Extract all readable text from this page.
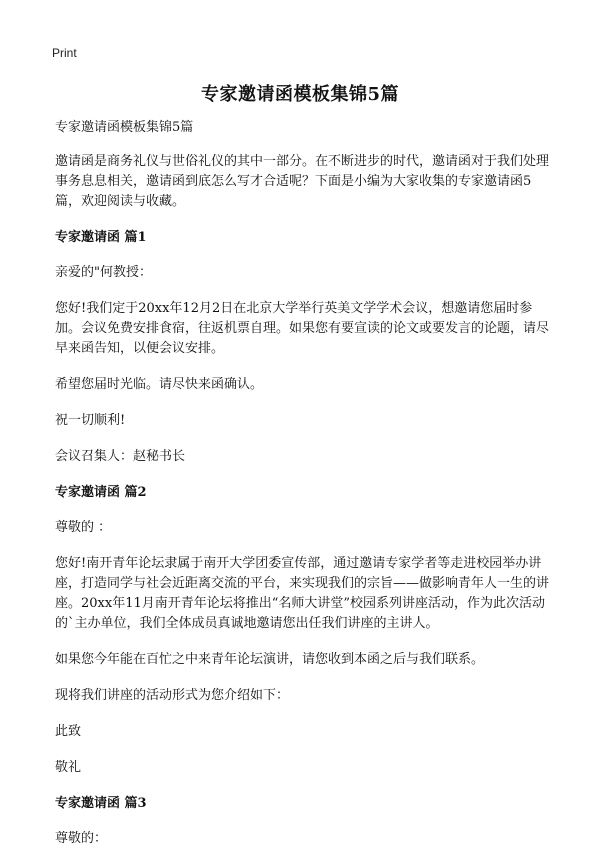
Print
专家邀请函模板集锦5篇

专家邀请函模板集锦5篇

邀请函是商务礼仪与世俗礼仪的其中一部分。在不断进步的时代，邀请函对于我们处理事务息息相关，邀请函到底怎么写才合适呢？下面是小编为大家收集的专家邀请函5篇，欢迎阅读与收藏。

专家邀请函 篇1

亲爱的"何教授：

您好!我们定于20xx年12月2日在北京大学举行英美文学学术会议，想邀请您届时参加。会议免费安排食宿，往返机票自理。如果您有要宣读的论文或要发言的论题，请尽早来函告知，以便会议安排。

希望您届时光临。请尽快来函确认。

祝一切顺利!

会议召集人：赵秘书长

专家邀请函 篇2

尊敬的 ：

您好!南开青年论坛隶属于南开大学团委宣传部，通过邀请专家学者等走进校园举办讲座，打造同学与社会近距离交流的平台，来实现我们的宗旨——做影响青年人一生的讲座。20xx年11月南开青年论坛将推出“名师大讲堂”校园系列讲座活动，作为此次活动的`主办单位，我们全体成员真诚地邀请您出任我们讲座的主讲人。

如果您今年能在百忙之中来青年论坛演讲，请您收到本函之后与我们联系。

现将我们讲座的活动形式为您介绍如下：

此致

敬礼

专家邀请函 篇3

尊敬的：
